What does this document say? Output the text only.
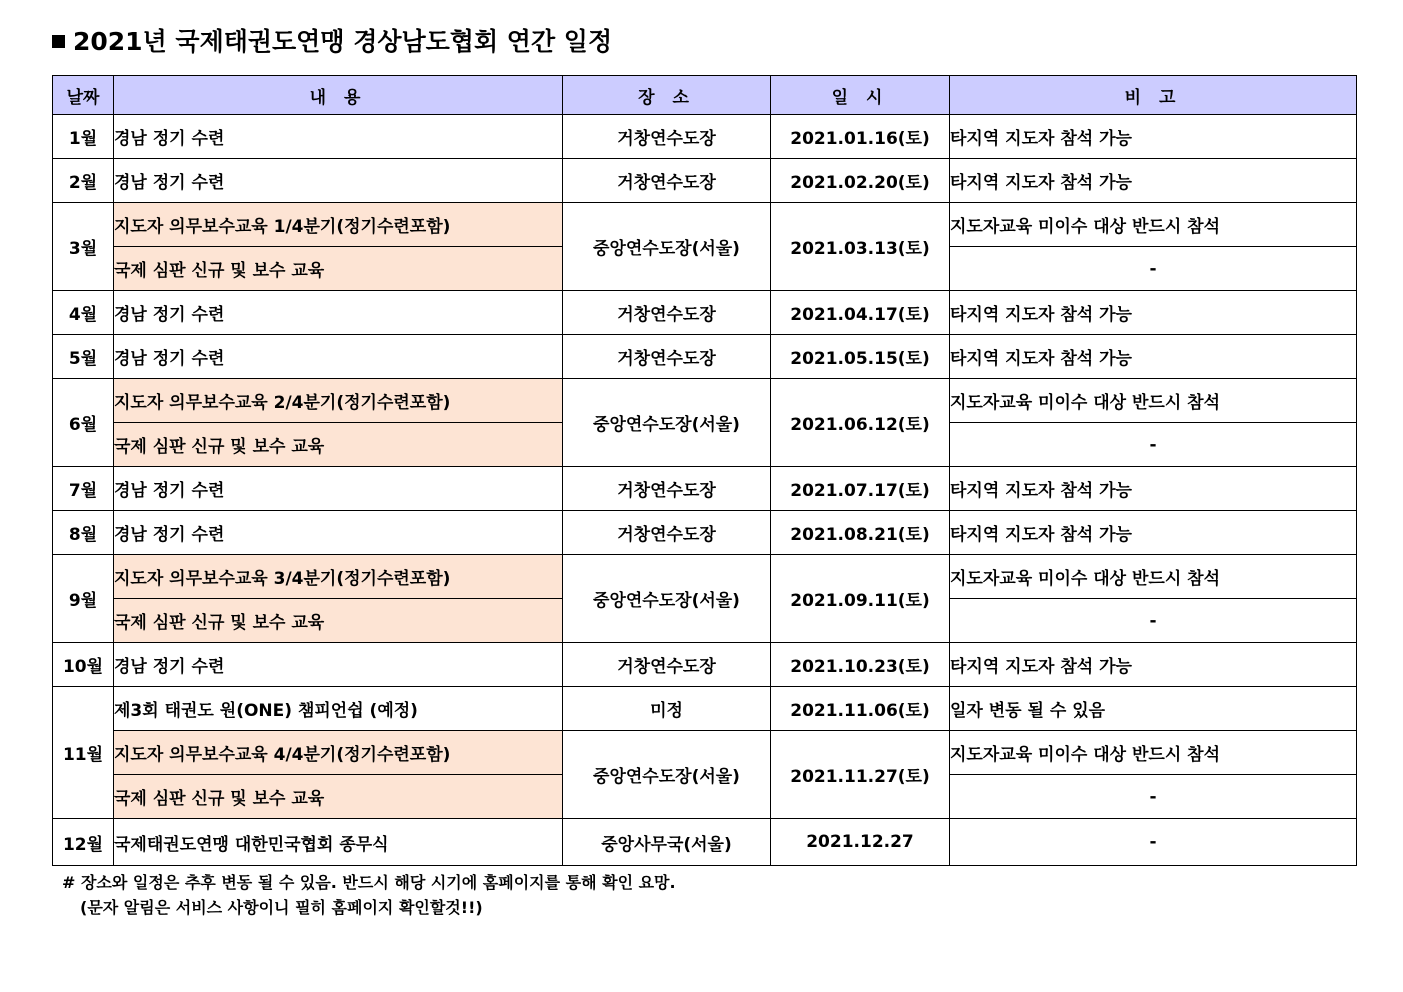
2021년 국제태권도연맹 경상남도협회 연간 일정
날짜	내 용	장 소	일 시	비 고
1월	경남 정기 수련	거창연수도장	2021.01.16(토)	타지역 지도자 참석 가능
2월	경남 정기 수련	거창연수도장	2021.02.20(토)	타지역 지도자 참석 가능
3월	지도자 의무보수교육 1/4분기(정기수련포함)	중앙연수도장(서울)	2021.03.13(토)	지도자교육 미이수 대상 반드시 참석
	국제 심판 신규 및 보수 교육			-
4월	경남 정기 수련	거창연수도장	2021.04.17(토)	타지역 지도자 참석 가능
5월	경남 정기 수련	거창연수도장	2021.05.15(토)	타지역 지도자 참석 가능
6월	지도자 의무보수교육 2/4분기(정기수련포함)	중앙연수도장(서울)	2021.06.12(토)	지도자교육 미이수 대상 반드시 참석
	국제 심판 신규 및 보수 교육			-
7월	경남 정기 수련	거창연수도장	2021.07.17(토)	타지역 지도자 참석 가능
8월	경남 정기 수련	거창연수도장	2021.08.21(토)	타지역 지도자 참석 가능
9월	지도자 의무보수교육 3/4분기(정기수련포함)	중앙연수도장(서울)	2021.09.11(토)	지도자교육 미이수 대상 반드시 참석
	국제 심판 신규 및 보수 교육			-
10월	경남 정기 수련	거창연수도장	2021.10.23(토)	타지역 지도자 참석 가능
11월	제3회 태권도 원(ONE) 챔피언쉽 (예정)	미정	2021.11.06(토)	일자 변동 될 수 있음
	지도자 의무보수교육 4/4분기(정기수련포함)	중앙연수도장(서울)	2021.11.27(토)	지도자교육 미이수 대상 반드시 참석
	국제 심판 신규 및 보수 교육			-
12월	국제태권도연맹 대한민국협회 종무식	중앙사무국(서울)	2021.12.27	-
# 장소와 일정은 추후 변동 될 수 있음. 반드시 해당 시기에 홈페이지를 통해 확인 요망.
(문자 알림은 서비스 사항이니 필히 홈페이지 확인할것!!)
